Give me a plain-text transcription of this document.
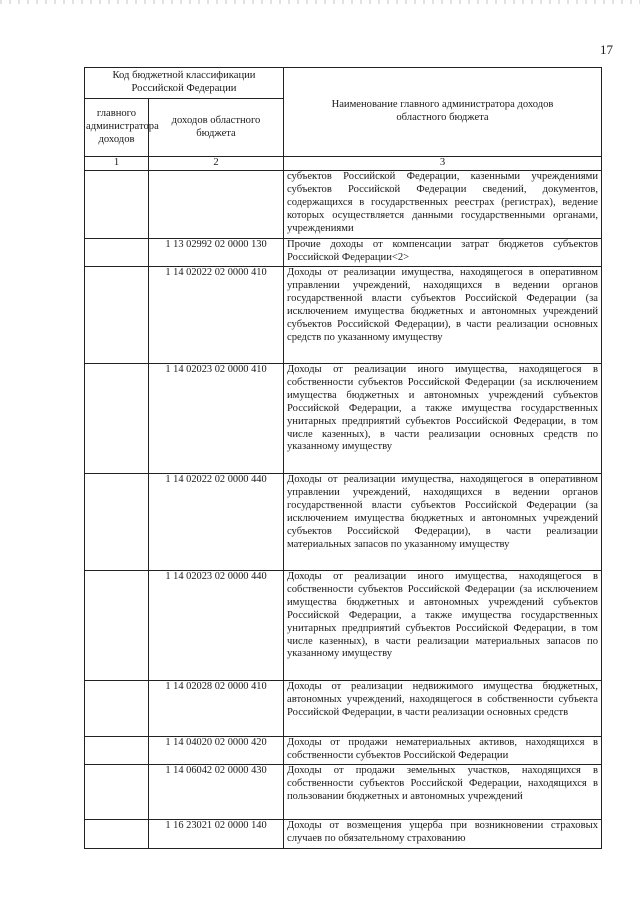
17
Код бюджетной классификации Российской Федерации		Наименование главного администратора доходов областного бюджета

главного администратора доходов	доходов областного бюджета	

1	2	3
		субъектов Российской Федерации, казенными учреждениями субъектов Российской Федерации сведений, документов, содержащихся в государственных реестрах (регистрах), ведение которых осуществляется данными государственными органами, учреждениями
	1 13 02992 02 0000 130	Прочие доходы от компенсации затрат бюджетов субъектов Российской Федерации<2>
	1 14 02022 02 0000 410	Доходы от реализации имущества, находящегося в оперативном управлении учреждений, находящихся в ведении органов государственной власти субъектов Российской Федерации (за исключением имущества бюджетных и автономных учреждений субъектов Российской Федерации), в части реализации основных средств по указанному имуществу
	1 14 02023 02 0000 410	Доходы от реализации иного имущества, находящегося в собственности субъектов Российской Федерации (за исключением имущества бюджетных и автономных учреждений субъектов Российской Федерации, а также имущества государственных унитарных предприятий субъектов Российской Федерации, в том числе казенных), в части реализации основных средств по указанному имуществу
	1 14 02022 02 0000 440	Доходы от реализации имущества, находящегося в оперативном управлении учреждений, находящихся в ведении органов государственной власти субъектов Российской Федерации (за исключением имущества бюджетных и автономных учреждений субъектов Российской Федерации), в части реализации материальных запасов по указанному имуществу
	1 14 02023 02 0000 440	Доходы от реализации иного имущества, находящегося в собственности субъектов Российской Федерации (за исключением имущества бюджетных и автономных учреждений субъектов Российской Федерации, а также имущества государственных унитарных предприятий субъектов Российской Федерации, в том числе казенных), в части реализации материальных запасов по указанному имуществу
	1 14 02028 02 0000 410	Доходы от реализации недвижимого имущества бюджетных, автономных учреждений, находящегося в собственности субъекта Российской Федерации, в части реализации основных средств
	1 14 04020 02 0000 420	Доходы от продажи нематериальных активов, находящихся в собственности субъектов Российской Федерации
	1 14 06042 02 0000 430	Доходы от продажи земельных участков, находящихся в собственности субъектов Российской Федерации, находящихся в пользовании бюджетных и автономных учреждений
	1 16 23021 02 0000 140	Доходы от возмещения ущерба при возникновении страховых случаев по обязательному страхованию
